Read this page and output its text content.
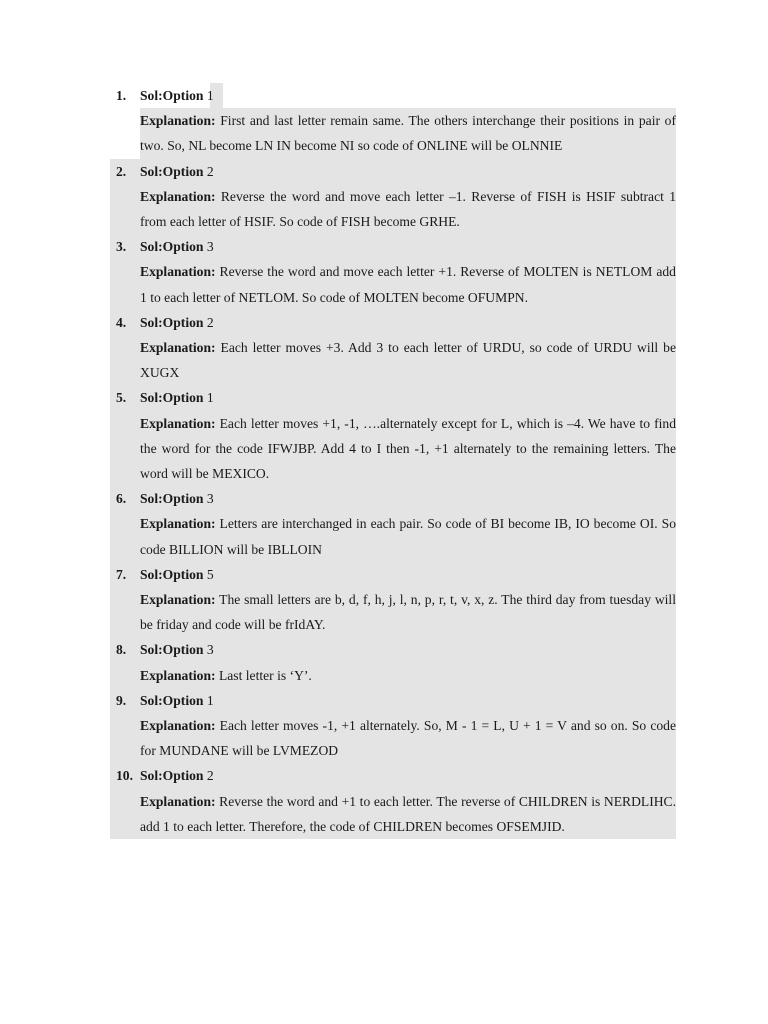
1. Sol:Option 1

Explanation: First and last letter remain same. The others interchange their positions in pair of two. So, NL become LN IN become NI so code of ONLINE will be OLNNIE

2. Sol:Option 2

Explanation: Reverse the word and move each letter –1. Reverse of FISH is HSIF subtract 1 from each letter of HSIF. So code of FISH become GRHE.

3. Sol:Option 3

Explanation: Reverse the word and move each letter +1. Reverse of MOLTEN is NETLOM add 1 to each letter of NETLOM. So code of MOLTEN become OFUMPN.

4. Sol:Option 2

Explanation: Each letter moves +3. Add 3 to each letter of URDU, so code of URDU will be XUGX

5. Sol:Option 1

Explanation: Each letter moves +1, -1, ….alternately except for L, which is –4. We have to find the word for the code IFWJBP. Add 4 to I then -1, +1 alternately to the remaining letters. The word will be MEXICO.

6. Sol:Option 3

Explanation: Letters are interchanged in each pair. So code of BI become IB, IO become OI. So code BILLION will be IBLLOIN

7. Sol:Option 5

Explanation: The small letters are b, d, f, h, j, l, n, p, r, t, v, x, z. The third day from tuesday will be friday and code will be frIdAY.

8. Sol:Option 3

Explanation: Last letter is ‘Y’.

9. Sol:Option 1

Explanation: Each letter moves -1, +1 alternately. So, M - 1 = L, U + 1 = V and so on. So code for MUNDANE will be LVMEZOD

10. Sol:Option 2

Explanation: Reverse the word and +1 to each letter. The reverse of CHILDREN is NERDLIHC. add 1 to each letter. Therefore, the code of CHILDREN becomes OFSEMJID.
